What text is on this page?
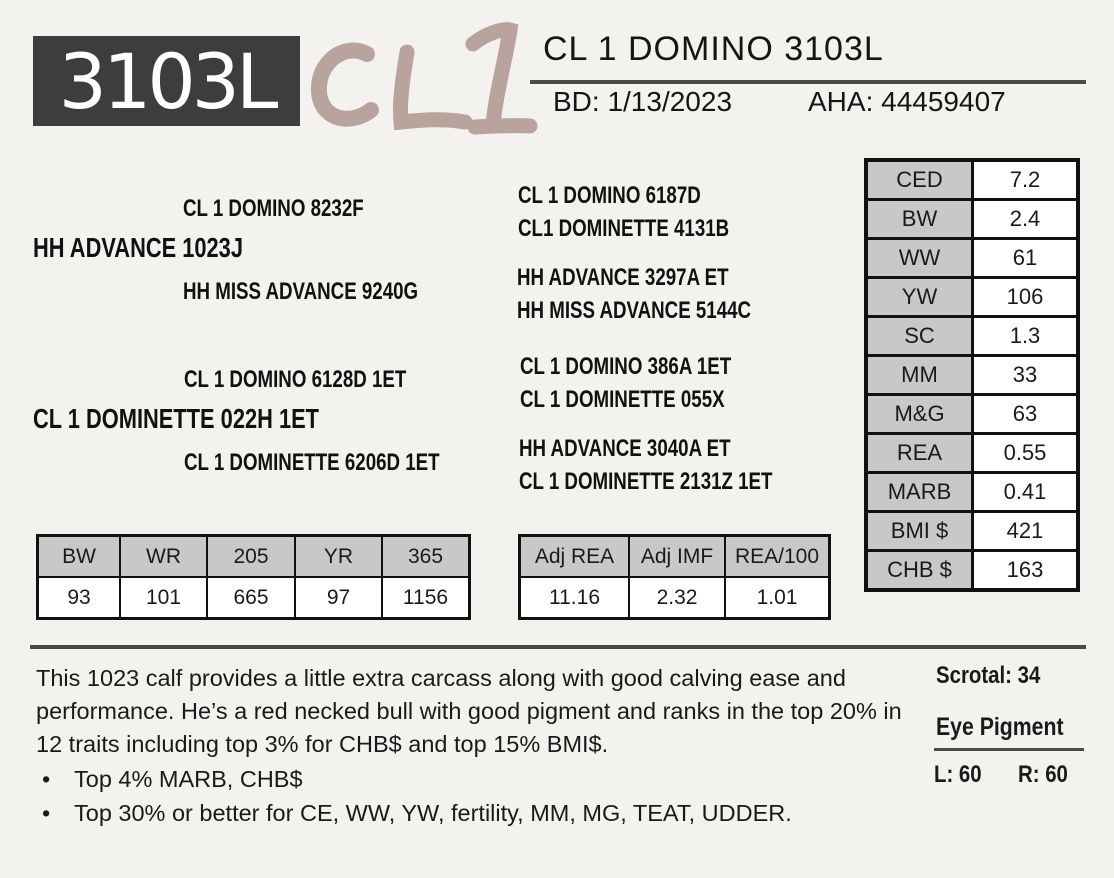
3103L	CL 1 DOMINO 3103L
BD: 1/13/2023	AHA: 44459407
CL 1 DOMINO 8232F
HH ADVANCE 1023J
HH MISS ADVANCE 9240G
CL 1 DOMINO 6128D 1ET
CL 1 DOMINETTE 022H 1ET
CL 1 DOMINETTE 6206D 1ET
CL 1 DOMINO 6187D
CL1 DOMINETTE 4131B
HH ADVANCE 3297A ET
HH MISS ADVANCE 5144C
CL 1 DOMINO 386A 1ET
CL 1 DOMINETTE 055X
HH ADVANCE 3040A ET
CL 1 DOMINETTE 2131Z 1ET
CED	7.2
BW	2.4
WW	61
YW	106
SC	1.3
MM	33
M&G	63
REA	0.55
MARB	0.41
BMI $	421
CHB $	163
BW	WR	205	YR	365
93	101	665	97	1156
Adj REA	Adj IMF	REA/100
11.16	2.32	1.01
This 1023 calf provides a little extra carcass along with good calving ease and performance. He’s a red necked bull with good pigment and ranks in the top 20% in 12 traits including top 3% for CHB$ and top 15% BMI$.
• Top 4% MARB, CHB$
• Top 30% or better for CE, WW, YW, fertility, MM, MG, TEAT, UDDER.
Scrotal: 34
Eye Pigment
L: 60 R: 60
